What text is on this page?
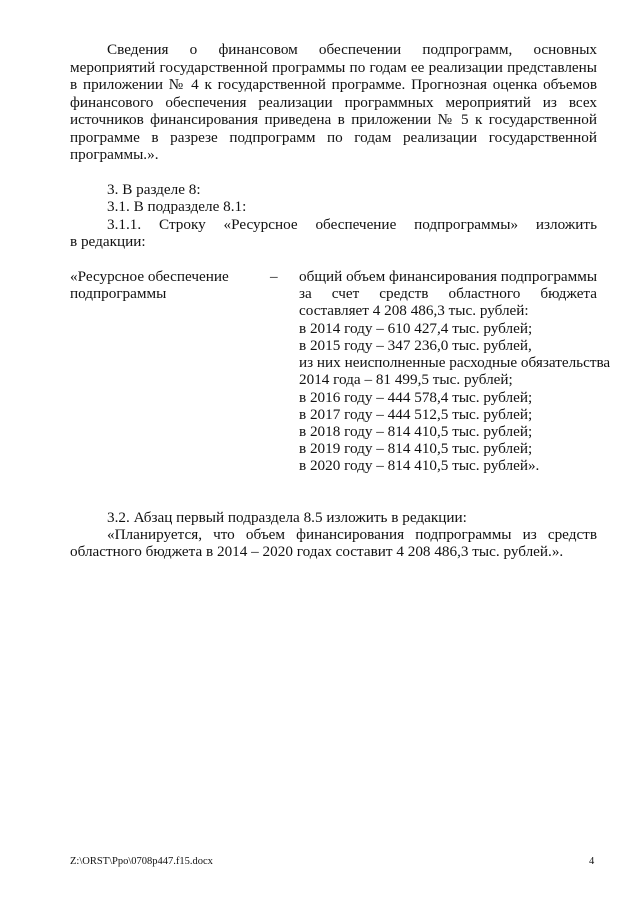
Сведения о финансовом обеспечении подпрограмм, основных
мероприятий государственной программы по годам ее реализации представлены
в приложении № 4 к государственной программе. Прогнозная оценка объемов
финансового обеспечения реализации программных мероприятий из всех
источников финансирования приведена в приложении № 5 к государственной
программе в разрезе подпрограмм по годам реализации государственной
программы.».
3. В разделе 8:
3.1. В подразделе 8.1:
3.1.1. Строку «Ресурсное обеспечение подпрограммы» изложить
в редакции:
«Ресурсное обеспечение
подпрограммы
– общий объем финансирования подпрограммы
за счет средств областного бюджета
составляет 4 208 486,3 тыс. рублей:
в 2014 году – 610 427,4 тыс. рублей;
в 2015 году – 347 236,0 тыс. рублей,
из них неисполненные расходные обязательства
2014 года – 81 499,5 тыс. рублей;
в 2016 году – 444 578,4 тыс. рублей;
в 2017 году – 444 512,5 тыс. рублей;
в 2018 году – 814 410,5 тыс. рублей;
в 2019 году – 814 410,5 тыс. рублей;
в 2020 году – 814 410,5 тыс. рублей».
3.2. Абзац первый подраздела 8.5 изложить в редакции:
«Планируется, что объем финансирования подпрограммы из средств
областного бюджета в 2014 – 2020 годах составит 4 208 486,3 тыс. рублей.».
Z:\ORST\Ppo\0708p447.f15.docx	4
